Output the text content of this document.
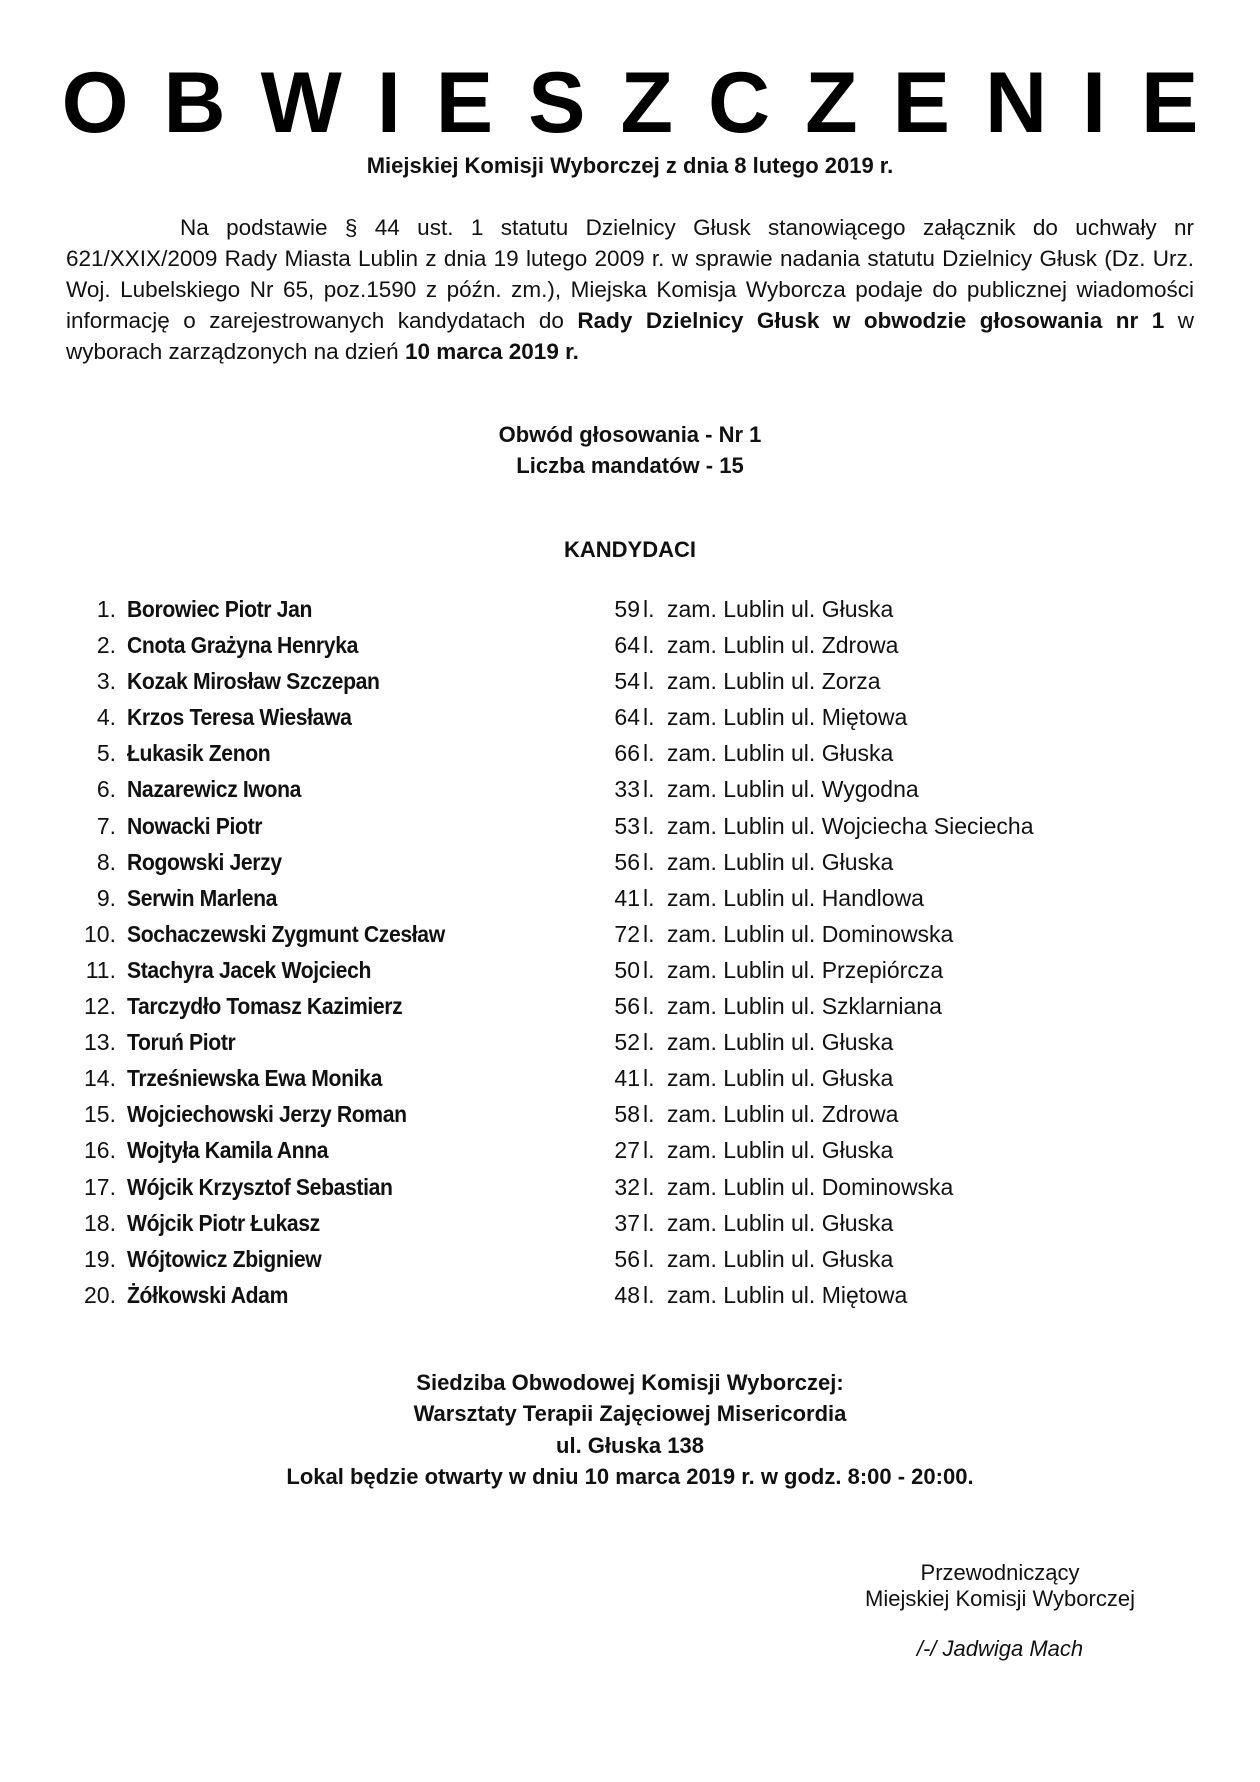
OBWIESZCZENIE
Miejskiej Komisji Wyborczej z dnia 8 lutego 2019 r.

Na podstawie § 44 ust. 1 statutu Dzielnicy Głusk stanowiącego załącznik do uchwały nr 621/XXIX/2009 Rady Miasta Lublin z dnia 19 lutego 2009 r. w sprawie nadania statutu Dzielnicy Głusk (Dz. Urz. Woj. Lubelskiego Nr 65, poz.1590 z późn. zm.), Miejska Komisja Wyborcza podaje do publicznej wiadomości informację o zarejestrowanych kandydatach do Rady Dzielnicy Głusk w obwodzie głosowania nr 1 w wyborach zarządzonych na dzień 10 marca 2019 r.

Obwód głosowania - Nr 1
Liczba mandatów - 15
KANDYDACI
1. Borowiec Piotr Jan	59 l. zam. Lublin ul. Głuska
2. Cnota Grażyna Henryka	64 l. zam. Lublin ul. Zdrowa
3. Kozak Mirosław Szczepan	54 l. zam. Lublin ul. Zorza
4. Krzos Teresa Wiesława	64 l. zam. Lublin ul. Miętowa
5. Łukasik Zenon	66 l. zam. Lublin ul. Głuska
6. Nazarewicz Iwona	33 l. zam. Lublin ul. Wygodna
7. Nowacki Piotr	53 l. zam. Lublin ul. Wojciecha Sieciecha
8. Rogowski Jerzy	56 l. zam. Lublin ul. Głuska
9. Serwin Marlena	41 l. zam. Lublin ul. Handlowa
10. Sochaczewski Zygmunt Czesław	72 l. zam. Lublin ul. Dominowska
11. Stachyra Jacek Wojciech	50 l. zam. Lublin ul. Przepiórcza
12. Tarczydło Tomasz Kazimierz	56 l. zam. Lublin ul. Szklarniana
13. Toruń Piotr	52 l. zam. Lublin ul. Głuska
14. Trześniewska Ewa Monika	41 l. zam. Lublin ul. Głuska
15. Wojciechowski Jerzy Roman	58 l. zam. Lublin ul. Zdrowa
16. Wojtyła Kamila Anna	27 l. zam. Lublin ul. Głuska
17. Wójcik Krzysztof Sebastian	32 l. zam. Lublin ul. Dominowska
18. Wójcik Piotr Łukasz	37 l. zam. Lublin ul. Głuska
19. Wójtowicz Zbigniew	56 l. zam. Lublin ul. Głuska
20. Żółkowski Adam	48 l. zam. Lublin ul. Miętowa
Siedziba Obwodowej Komisji Wyborczej:
Warsztaty Terapii Zajęciowej Misericordia
ul. Głuska 138
Lokal będzie otwarty w dniu 10 marca 2019 r. w godz. 8:00 - 20:00.
Przewodniczący
Miejskiej Komisji Wyborczej
/-/ Jadwiga Mach
